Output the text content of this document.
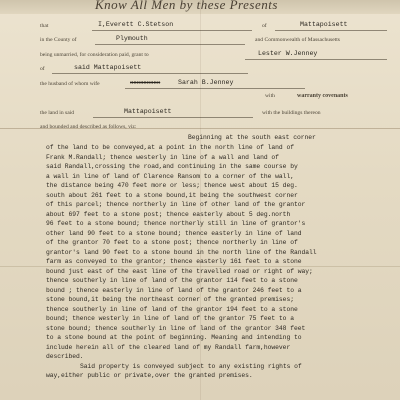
Know All Men by these Presents
that	I,Everett C.Stetson	of	Mattapoisett
in the County of	Plymouth	and Commonwealth of Massachusetts
being unmarried, for consideration paid, grant to	Lester W.Jenney
of	said Mattapoisett
the husband of whom wife	xxxxxxxxx	Sarah B.Jenney
with	warranty covenants
the land in said	Mattapoisett	with the buildings thereon
and bounded and described as follows, viz:
Beginning at the south east corner
of the land to be conveyed,at a point in the north line of land of
Frank M.Randall; thence westerly in line of a wall and land of
said Randall,crossing the road,and continuing in the same course by
a wall in line of land of Clarence Ransom to a corner of the wall,
the distance being 470 feet more or less; thence west about 15 deg.
south about 261 feet to a stone bound,it being the southwest corner
of this parcel; thence northerly in line of other land of the grantor
about 697 feet to a stone post; thence easterly about 5 deg.north
96 feet to a stone bound; thence northerly still in line of grantor's
other land 90 feet to a stone bound; thence easterly in line of land
of the grantor 70 feet to a stone post; thence northerly in line of
grantor's land 90 feet to a stone bound in the north line of the Randall
farm as conveyed to the grantor; thence easterly 161 feet to a stone
bound just east of the east line of the travelled road or right of way;
thence southerly in line of land of the grantor 114 feet to a stone
bound ; thence easterly in line of land of the grantor 246 feet to a
stone bound,it being the northeast corner of the granted premises;
thence southerly in line of land of the grantor 194 feet to a stone
bound; thence westerly in line of land of the grantor 75 feet to a
stone bound; thence southerly in line of land of the grantor 348 feet
to a stone bound at the point of beginning. Meaning and intending to
include herein all of the cleared land of my Randall farm,however
described.
Said property is conveyed subject to any existing rights of
way,either public or private,over the granted premises.
